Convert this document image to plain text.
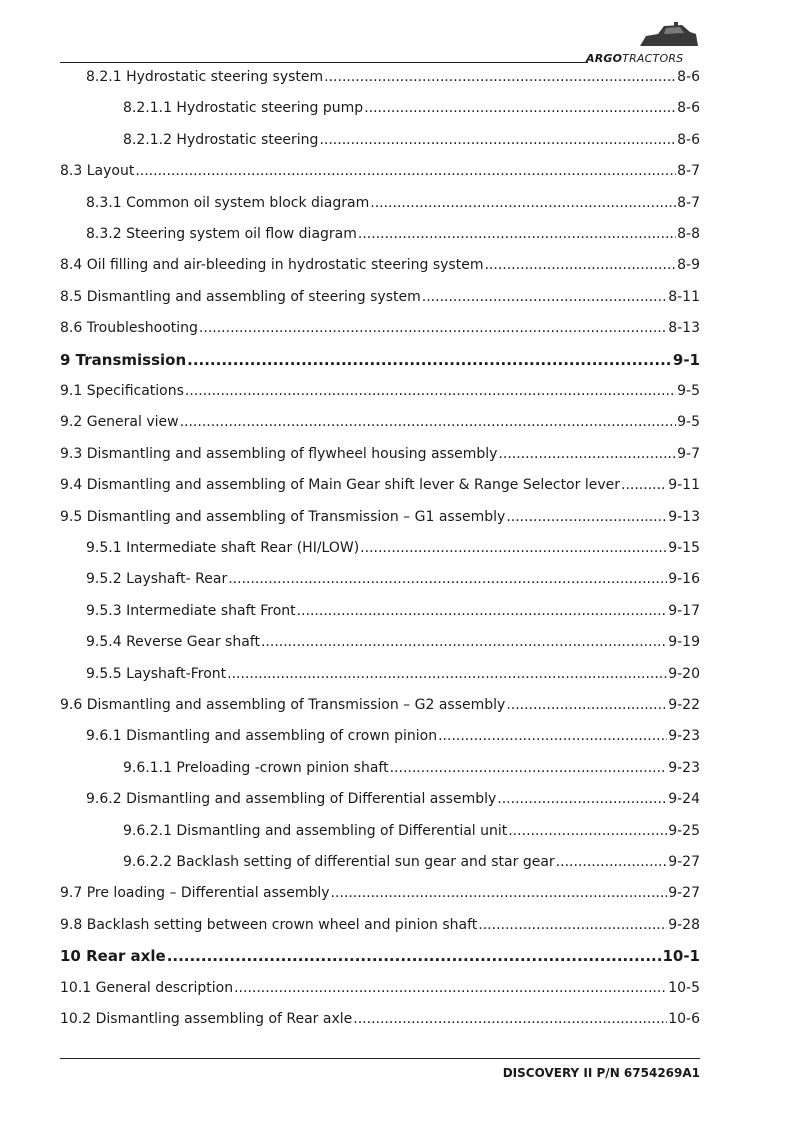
ARGOTRACTORS
8.2.1 Hydrostatic steering system .....	8-6
8.2.1.1 Hydrostatic steering pump .....	8-6
8.2.1.2 Hydrostatic steering .....	8-6
8.3 Layout .....	8-7
8.3.1 Common oil system block diagram .....	8-7
8.3.2 Steering system oil flow diagram .....	8-8
8.4 Oil filling and air-bleeding in hydrostatic steering system .....	8-9
8.5 Dismantling and assembling of steering system .....	8-11
8.6 Troubleshooting .....	8-13
9 Transmission .....	9-1
9.1 Specifications .....	9-5
9.2 General view .....	9-5
9.3 Dismantling and assembling of flywheel housing assembly .....	9-7
9.4 Dismantling and assembling of Main Gear shift lever & Range Selector lever .....	9-11
9.5 Dismantling and assembling of Transmission – G1 assembly .....	9-13
9.5.1 Intermediate shaft Rear (HI/LOW) .....	9-15
9.5.2 Layshaft- Rear .....	9-16
9.5.3 Intermediate shaft Front .....	9-17
9.5.4 Reverse Gear shaft .....	9-19
9.5.5 Layshaft-Front .....	9-20
9.6 Dismantling and assembling of Transmission – G2 assembly .....	9-22
9.6.1 Dismantling and assembling of crown pinion .....	9-23
9.6.1.1 Preloading -crown pinion shaft .....	9-23
9.6.2 Dismantling and assembling of Differential assembly .....	9-24
9.6.2.1 Dismantling and assembling of Differential unit .....	9-25
9.6.2.2 Backlash setting of differential sun gear and star gear .....	9-27
9.7 Pre loading – Differential assembly .....	9-27
9.8 Backlash setting between crown wheel and pinion shaft .....	9-28
10 Rear axle .....	10-1
10.1 General description .....	10-5
10.2 Dismantling assembling of Rear axle .....	10-6
DISCOVERY II P/N 6754269A1
